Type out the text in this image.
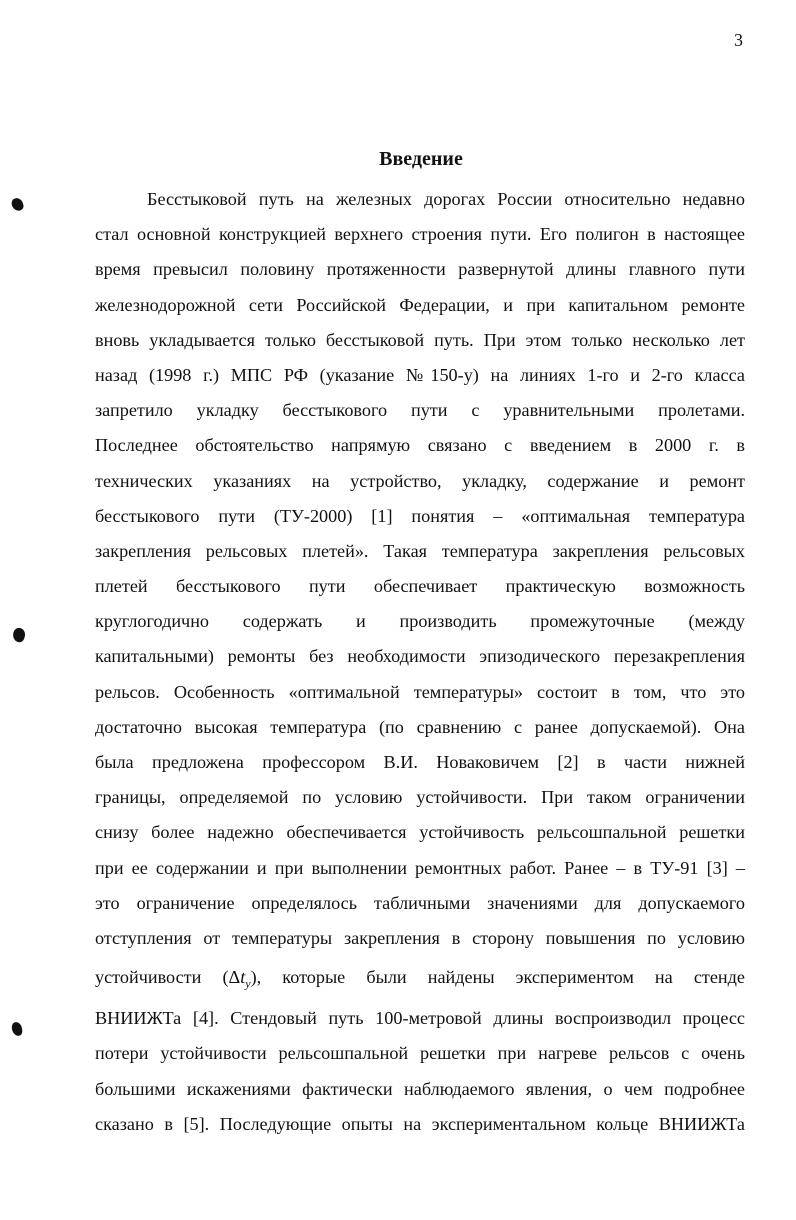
3
Введение
Бесстыковой путь на железных дорогах России относительно недавно
стал основной конструкцией верхнего строения пути. Его полигон в настоящее
время превысил половину протяженности развернутой длины главного пути
железнодорожной сети Российской Федерации, и при капитальном ремонте
вновь укладывается только бесстыковой путь. При этом только несколько лет
назад (1998 г.) МПС РФ (указание №150-у) на линиях 1-го и 2-го класса
запретило укладку бесстыкового пути с уравнительными пролетами.
Последнее обстоятельство напрямую связано с введением в 2000 г. в
технических указаниях на устройство, укладку, содержание и ремонт
бесстыкового пути (ТУ-2000) [1] понятия – «оптимальная температура
закрепления рельсовых плетей». Такая температура закрепления рельсовых
плетей бесстыкового пути обеспечивает практическую возможность
круглогодично содержать и производить промежуточные (между
капитальными) ремонты без необходимости эпизодического перезакрепления
рельсов. Особенность «оптимальной температуры» состоит в том, что это
достаточно высокая температура (по сравнению с ранее допускаемой). Она
была предложена профессором В.И. Новаковичем [2] в части нижней
границы, определяемой по условию устойчивости. При таком ограничении
снизу более надежно обеспечивается устойчивость рельсошпальной решетки
при ее содержании и при выполнении ремонтных работ. Ранее – в ТУ-91 [3] –
это ограничение определялось табличными значениями для допускаемого
отступления от температуры закрепления в сторону повышения по условию
устойчивости $(\Delta t_у)$, которые были найдены экспериментом на стенде
ВНИИЖТа [4]. Стендовый путь 100-метровой длины воспроизводил процесс
потери устойчивости рельсошпальной решетки при нагреве рельсов с очень
большими искажениями фактически наблюдаемого явления, о чем подробнее
сказано в [5]. Последующие опыты на экспериментальном кольце ВНИИЖТа
